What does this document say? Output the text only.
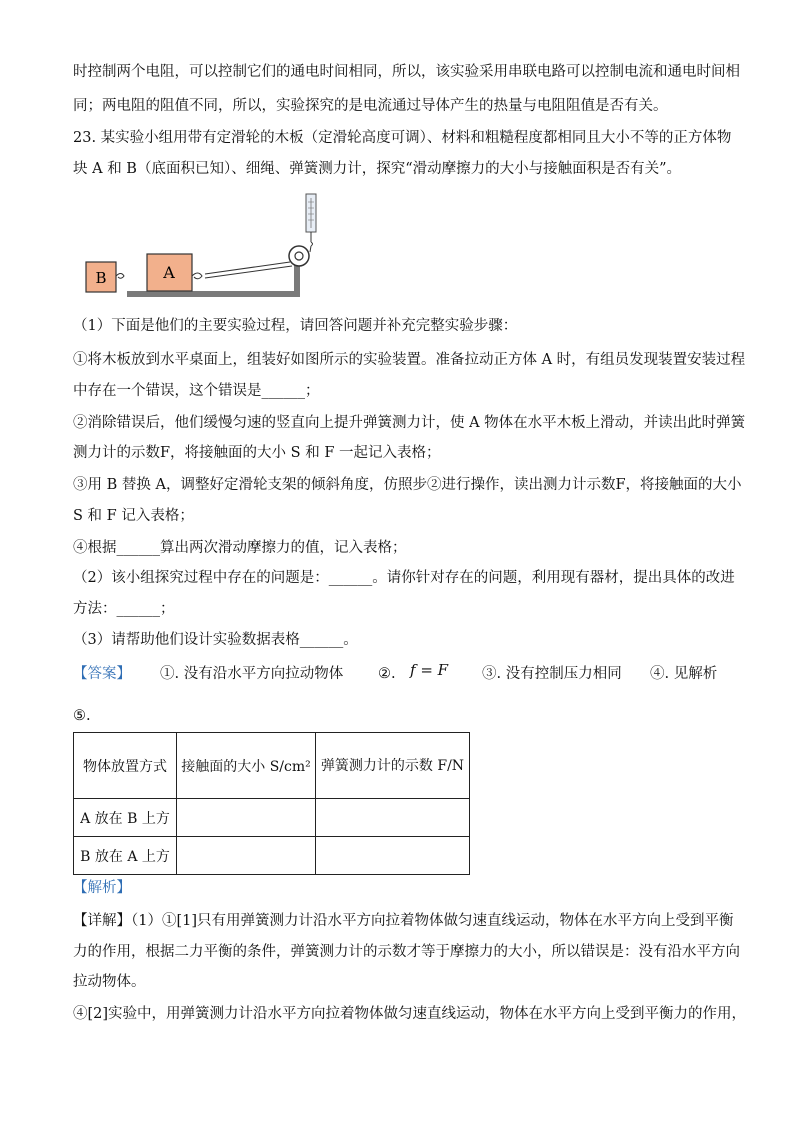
时控制两个电阻，可以控制它们的通电时间相同，所以，该实验采用串联电路可以控制电流和通电时间相
同；两电阻的阻值不同，所以，实验探究的是电流通过导体产生的热量与电阻阻值是否有关。
23. 某实验小组用带有定滑轮的木板（定滑轮高度可调）、材料和粗糙程度都相同且大小不等的正方体物
块 A 和 B（底面积已知）、细绳、弹簧测力计，探究“滑动摩擦力的大小与接触面积是否有关”。
A
B
（1）下面是他们的主要实验过程，请回答问题并补充完整实验步骤：
①将木板放到水平桌面上，组装好如图所示的实验装置。准备拉动正方体 A 时，有组员发现装置安装过程
中存在一个错误，这个错误是______；
②消除错误后，他们缓慢匀速的竖直向上提升弹簧测力计，使 A 物体在水平木板上滑动，并读出此时弹簧
测力计的示数F，将接触面的大小 S 和 F 一起记入表格；
③用 B 替换 A，调整好定滑轮支架的倾斜角度，仿照步②进行操作，读出测力计示数F，将接触面的大小
S 和 F 记入表格；
④根据______算出两次滑动摩擦力的值，记入表格；
（2）该小组探究过程中存在的问题是：______。请你针对存在的问题，利用现有器材，提出具体的改进
方法：______；
（3）请帮助他们设计实验数据表格______。
【答案】 ①. 没有沿水平方向拉动物体 ②. f = F ③. 没有控制压力相同 ④. 见解析
⑤.
物体放置方式	接触面的大小 S/cm²	弹簧测力计的示数 F/N
A 放在 B 上方		
B 放在 A 上方		
【解析】
【详解】（1）①[1]只有用弹簧测力计沿水平方向拉着物体做匀速直线运动，物体在水平方向上受到平衡
力的作用，根据二力平衡的条件，弹簧测力计的示数才等于摩擦力的大小，所以错误是：没有沿水平方向
拉动物体。
④[2]实验中，用弹簧测力计沿水平方向拉着物体做匀速直线运动，物体在水平方向上受到平衡力的作用，
